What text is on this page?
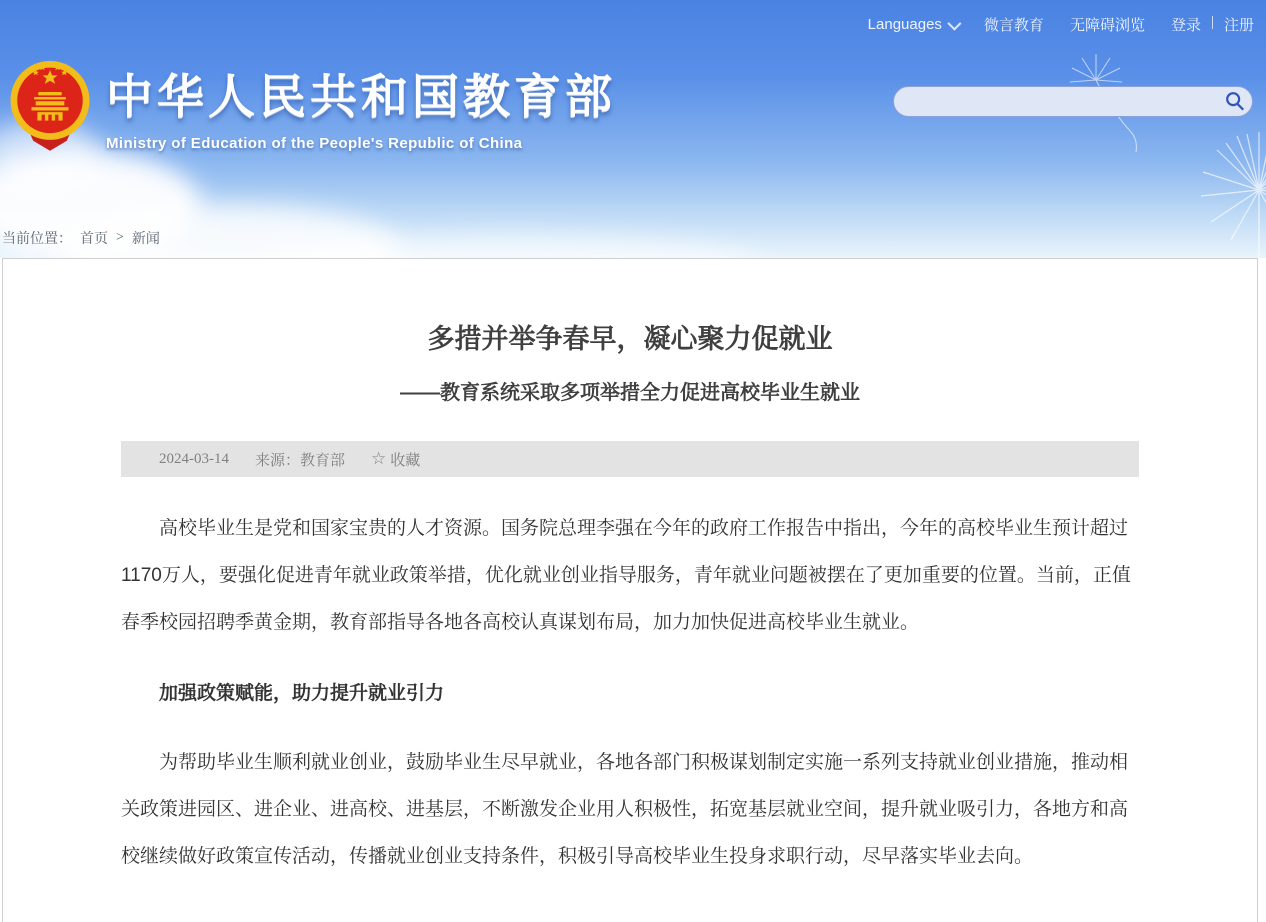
Languages	微言教育 无障碍浏览 登录 | 注册
中华人民共和国教育部
Ministry of Education of the People's Republic of China
当前位置： 首页 > 新闻
多措并举争春早，凝心聚力促就业
——教育系统采取多项举措全力促进高校毕业生就业
2024-03-14 来源：教育部 ☆ 收藏

高校毕业生是党和国家宝贵的人才资源。国务院总理李强在今年的政府工作报告中指出，今年的高校毕业生预计超过1170万人，要强化促进青年就业政策举措，优化就业创业指导服务，青年就业问题被摆在了更加重要的位置。当前，正值春季校园招聘季黄金期，教育部指导各地各高校认真谋划布局，加力加快促进高校毕业生就业。

加强政策赋能，助力提升就业引力

为帮助毕业生顺利就业创业，鼓励毕业生尽早就业，各地各部门积极谋划制定实施一系列支持就业创业措施，推动相关政策进园区、进企业、进高校、进基层，不断激发企业用人积极性，拓宽基层就业空间，提升就业吸引力，各地方和高校继续做好政策宣传活动，传播就业创业支持条件，积极引导高校毕业生投身求职行动，尽早落实毕业去向。
